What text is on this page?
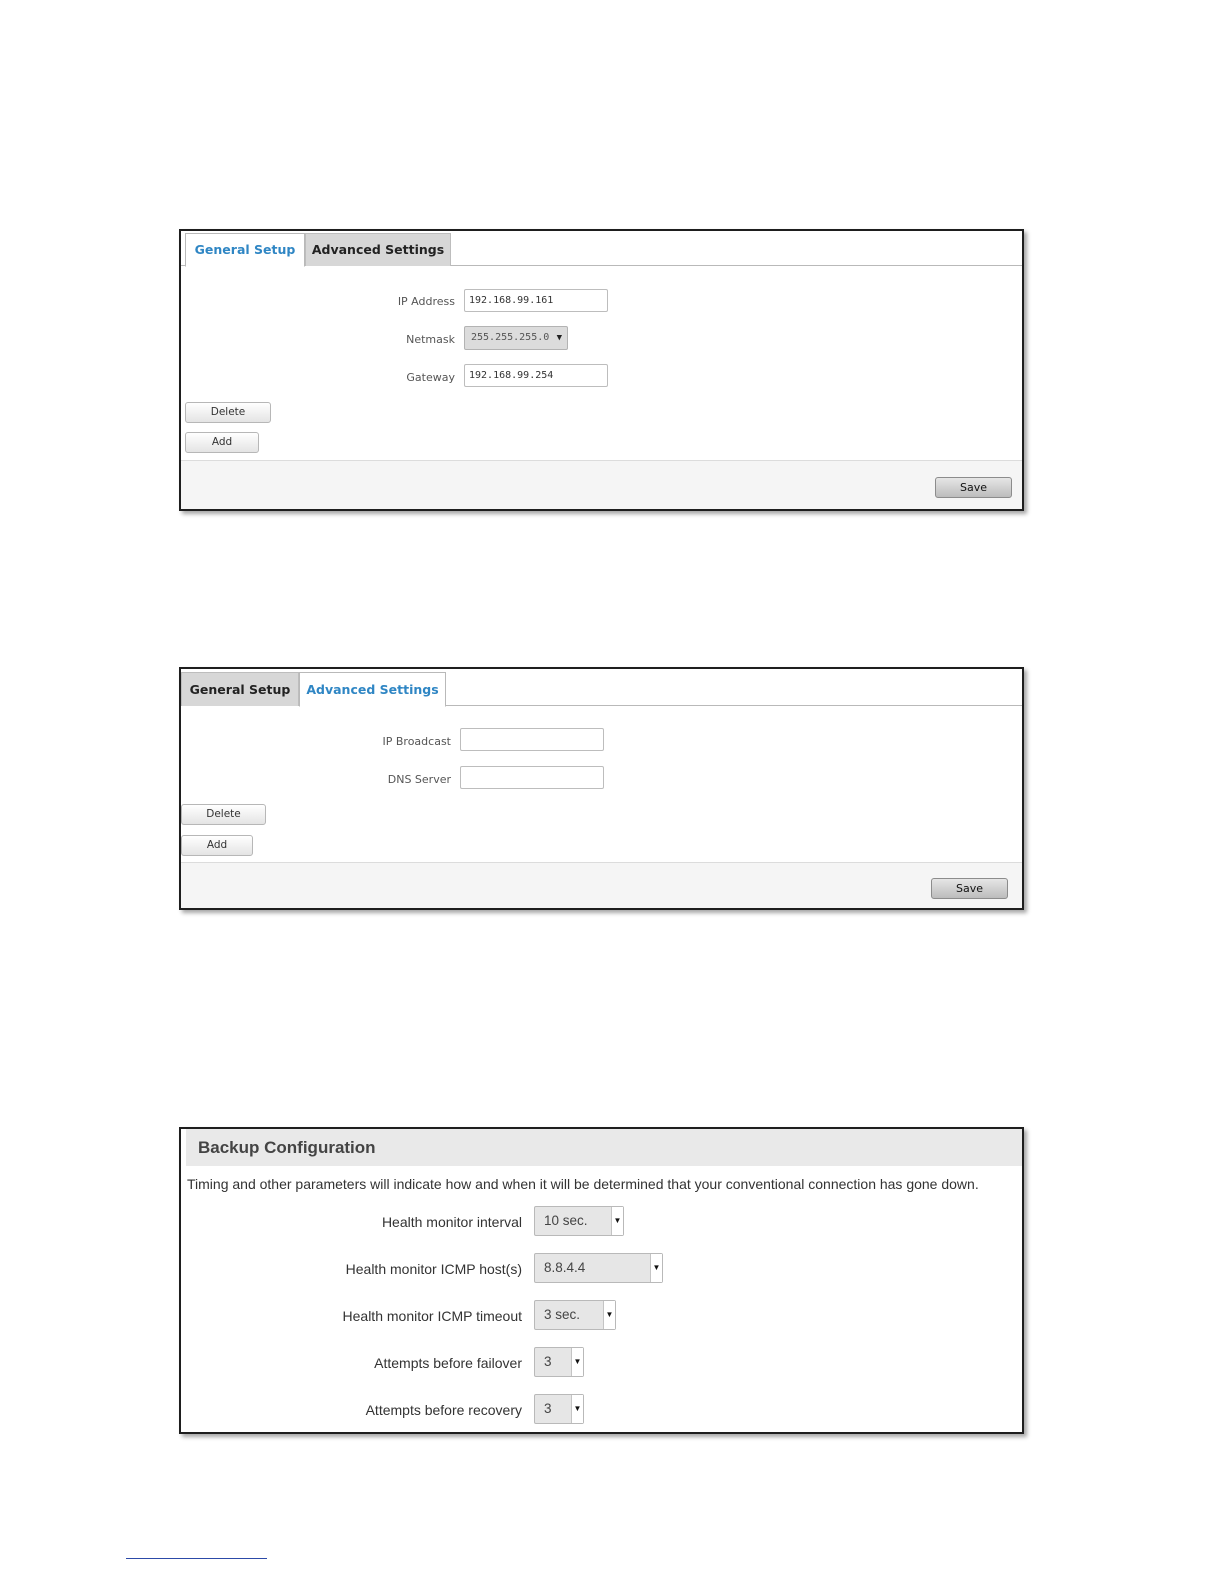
General Setup	Advanced Settings
IP Address	192.168.99.161
Netmask	255.255.255.0 ▼
Gateway	192.168.99.254
Delete
Add
Save
General Setup	Advanced Settings
IP Broadcast
DNS Server
Delete
Add
Save
Backup Configuration
Timing and other parameters will indicate how and when it will be determined that your conventional connection has gone down.
Health monitor interval	10 sec.	▼
Health monitor ICMP host(s)	8.8.4.4	▼
Health monitor ICMP timeout	3 sec.	▼
Attempts before failover	3	▼
Attempts before recovery	3	▼
